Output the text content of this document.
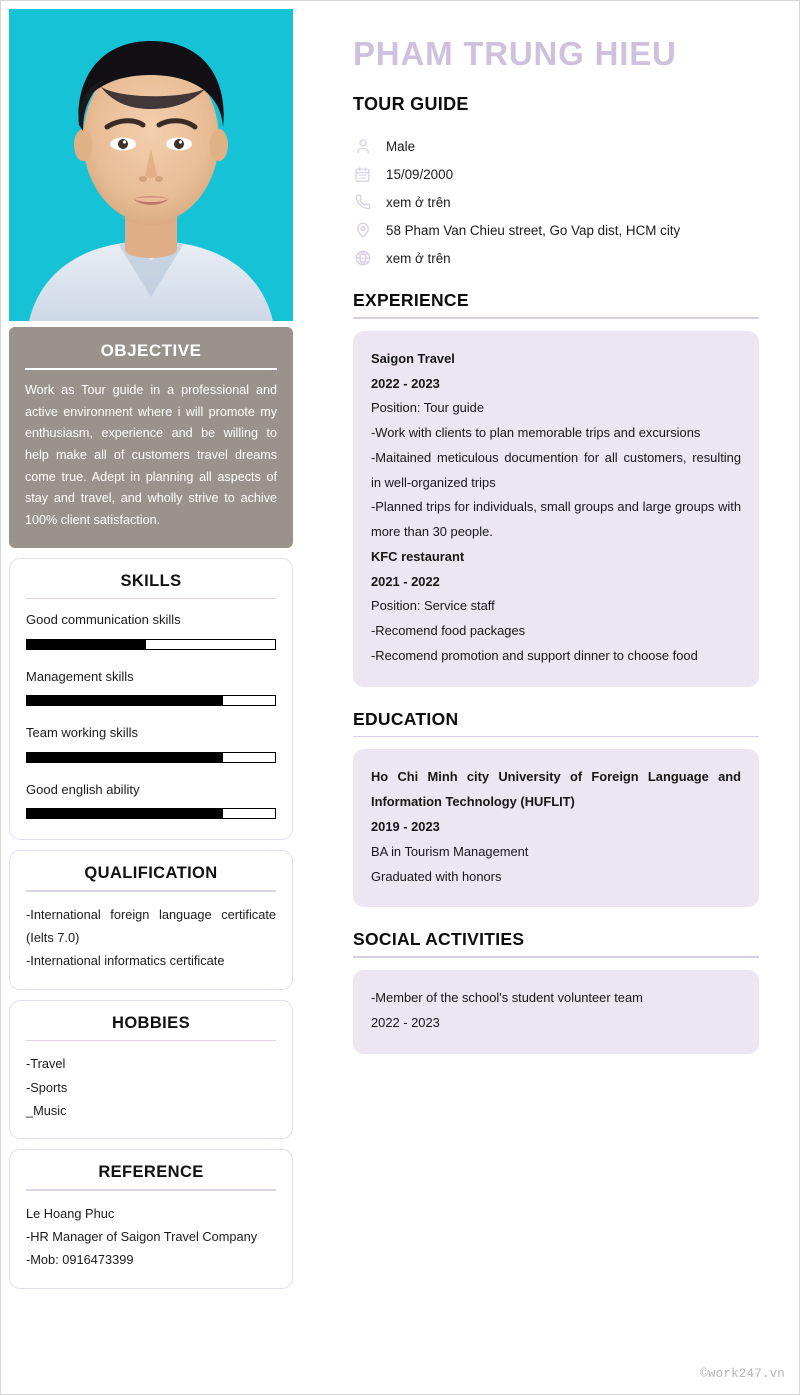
OBJECTIVE
Work as Tour guide in a professional and active environment where i will promote my enthusiasm, experience and be willing to help make all of customers travel dreams come true. Adept in planning all aspects of stay and travel, and wholly strive to achive 100% client satisfaction.
SKILLS
Good communication skills
Management skills
Team working skills
Good english ability
QUALIFICATION
-International foreign language certificate (Ielts 7.0)
-International informatics certificate
HOBBIES
-Travel
-Sports
_Music
REFERENCE
Le Hoang Phuc
-HR Manager of Saigon Travel Company
-Mob: 0916473399
PHAM TRUNG HIEU
TOUR GUIDE
Male
15/09/2000
xem ở trên
58 Pham Van Chieu street, Go Vap dist, HCM city
xem ở trên
EXPERIENCE
Saigon Travel
2022 - 2023
Position: Tour guide
-Work with clients to plan memorable trips and excursions
-Maitained meticulous documention for all customers, resulting in well-organized trips
-Planned trips for individuals, small groups and large groups with more than 30 people.
KFC restaurant
2021 - 2022
Position: Service staff
-Recomend food packages
-Recomend promotion and support dinner to choose food
EDUCATION
Ho Chi Minh city University of Foreign Language and Information Technology (HUFLIT)
2019 - 2023
BA in Tourism Management
Graduated with honors
SOCIAL ACTIVITIES
-Member of the school's student volunteer team
2022 - 2023
©work247.vn
